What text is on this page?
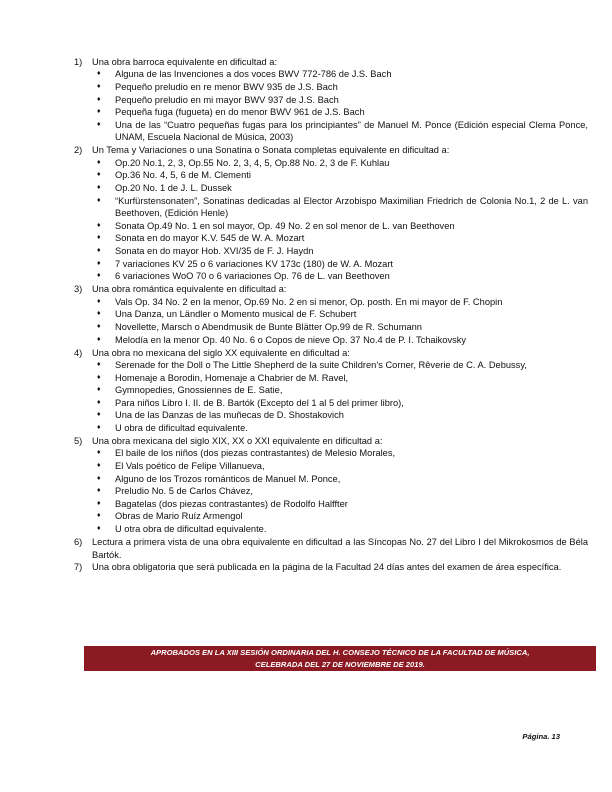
1)	Una obra barroca equivalente en dificultad a:
♦	Alguna de las Invenciones a dos voces BWV 772-786 de J.S. Bach
♦	Pequeño preludio en re menor BWV 935 de J.S. Bach
♦	Pequeño preludio en mi mayor BWV 937 de J.S. Bach
♦	Pequeña fuga (fugueta) en do menor BWV 961 de J.S. Bach
♦	Una de las “Cuatro pequeñas fugas para los principiantes” de Manuel M. Ponce (Edición especial Clema Ponce, UNAM, Escuela Nacional de Música, 2003)
2)	Un Tema y Variaciones o una Sonatina o Sonata completas equivalente en dificultad a:
♦	Op.20 No.1, 2, 3, Op.55 No. 2, 3, 4, 5, Op.88 No. 2, 3 de F. Kuhlau
♦	Op.36 No. 4, 5, 6 de M. Clementi
♦	Op.20 No. 1 de J. L. Dussek
♦	“Kurfürstensonaten”, Sonatinas dedicadas al Elector Arzobispo Maximilian Friedrich de Colonia No.1, 2 de L. van Beethoven, (Edición Henle)
♦	Sonata Op.49 No. 1 en sol mayor, Op. 49 No. 2 en sol menor de L. van Beethoven
♦	Sonata en do mayor K.V. 545 de W. A. Mozart
♦	Sonata en do mayor Hob. XVI/35 de F. J. Haydn
♦	7 variaciones KV 25 o 6 variaciones KV 173c (180) de W. A. Mozart
♦	6 variaciones WoO 70 o 6 variaciones Op. 76 de L. van Beethoven
3)	Una obra romántica equivalente en dificultad a:
♦	Vals Op. 34 No. 2 en la menor, Op.69 No. 2 en si menor, Op. posth. En mi mayor de F. Chopin
♦	Una Danza, un Ländler o Momento musical de F. Schubert
♦	Novellette, Marsch o Abendmusik de Bunte Blätter Op.99 de R. Schumann
♦	Melodía en la menor Op. 40 No. 6 o Copos de nieve Op. 37 No.4 de P. I. Tchaikovsky
4)	Una obra no mexicana del siglo XX equivalente en dificultad a:
♦	Serenade for the Doll o The Little Shepherd de la suite Children’s Corner, Rêverie de C. A. Debussy,
♦	Homenaje a Borodin, Homenaje a Chabrier de M. Ravel,
♦	Gymnopedies, Gnossiennes de E. Satie,
♦	Para niños Libro I. II. de B. Bartók (Excepto del 1 al 5 del primer libro),
♦	Una de las Danzas de las muñecas de D. Shostakovich
♦	U obra de dificultad equivalente.
5)	Una obra mexicana del siglo XIX, XX o XXI equivalente en dificultad a:
♦	El baile de los niños (dos piezas contrastantes) de Melesio Morales,
♦	El Vals poético de Felipe Villanueva,
♦	Alguno de los Trozos románticos de Manuel M. Ponce,
♦	Preludio No. 5 de Carlos Chávez,
♦	Bagatelas (dos piezas contrastantes) de Rodolfo Halffter
♦	Obras de Mario Ruíz Armengol
♦	U otra obra de dificultad equivalente.
6)	Lectura a primera vista de una obra equivalente en dificultad a las Síncopas No. 27 del Libro I del Mikrokosmos de Béla Bartók.
7)	Una obra obligatoria que será publicada en la página de la Facultad 24 días antes del examen de área específica.
APROBADOS EN LA XIII SESIÓN ORDINARIA DEL H. CONSEJO TÉCNICO DE LA FACULTAD DE MÚSICA,
CELEBRADA DEL 27 DE NOVIEMBRE DE 2019.
Página. 13
